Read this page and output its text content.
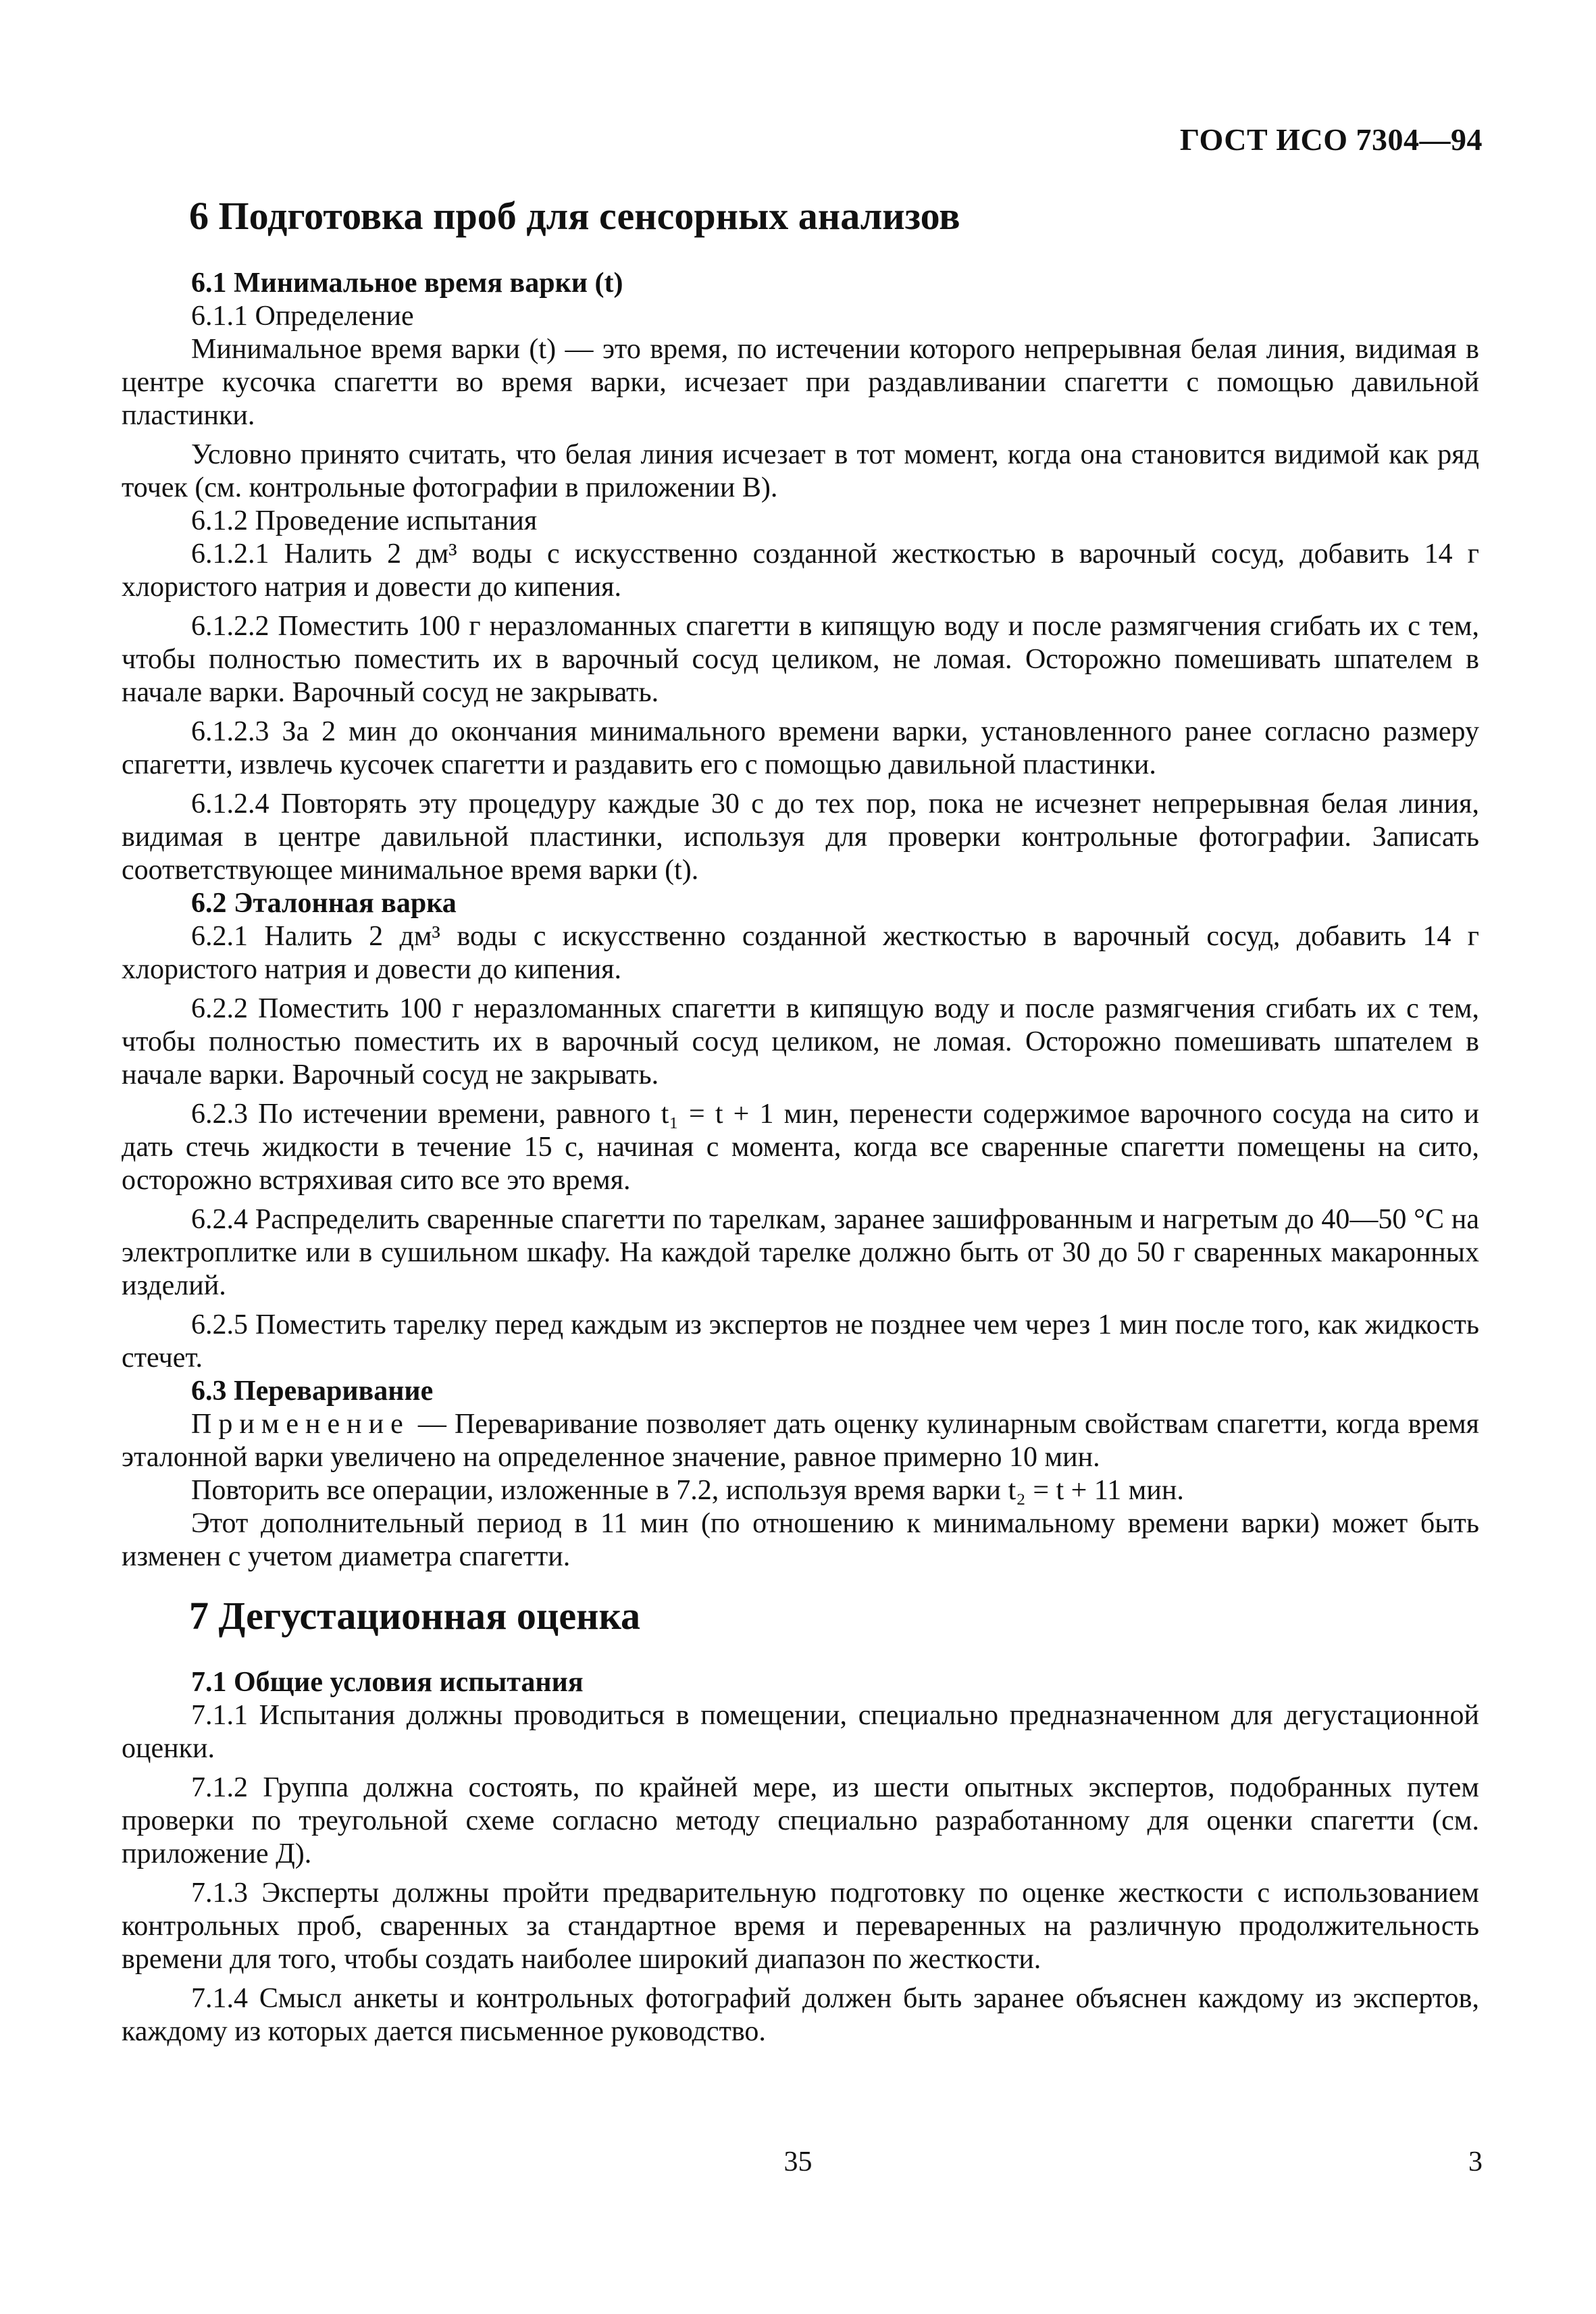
ГОСТ ИСО 7304—94
6 Подготовка проб для сенсорных анализов
6.1 Минимальное время варки (t)

6.1.1 Определение

Минимальное время варки (t) — это время, по истечении которого непрерывная белая линия, видимая в центре кусочка спагетти во время варки, исчезает при раздавливании спагетти с помощью давильной пластинки.

Условно принято считать, что белая линия исчезает в тот момент, когда она становится видимой как ряд точек (см. контрольные фотографии в приложении В).

6.1.2 Проведение испытания

6.1.2.1 Налить 2 дм³ воды с искусственно созданной жесткостью в варочный сосуд, добавить 14 г хлористого натрия и довести до кипения.

6.1.2.2 Поместить 100 г неразломанных спагетти в кипящую воду и после размягчения сгибать их с тем, чтобы полностью поместить их в варочный сосуд целиком, не ломая. Осторожно помешивать шпателем в начале варки. Варочный сосуд не закрывать.

6.1.2.3 За 2 мин до окончания минимального времени варки, установленного ранее согласно размеру спагетти, извлечь кусочек спагетти и раздавить его с помощью давильной пластинки.

6.1.2.4 Повторять эту процедуру каждые 30 с до тех пор, пока не исчезнет непрерывная белая линия, видимая в центре давильной пластинки, используя для проверки контрольные фотографии. Записать соответствующее минимальное время варки (t).

6.2 Эталонная варка

6.2.1 Налить 2 дм³ воды с искусственно созданной жесткостью в варочный сосуд, добавить 14 г хлористого натрия и довести до кипения.

6.2.2 Поместить 100 г неразломанных спагетти в кипящую воду и после размягчения сгибать их с тем, чтобы полностью поместить их в варочный сосуд целиком, не ломая. Осторожно помешивать шпателем в начале варки. Варочный сосуд не закрывать.

6.2.3 По истечении времени, равного t₁ = t + 1 мин, перенести содержимое варочного сосуда на сито и дать стечь жидкости в течение 15 с, начиная с момента, когда все сваренные спагетти помещены на сито, осторожно встряхивая сито все это время.

6.2.4 Распределить сваренные спагетти по тарелкам, заранее зашифрованным и нагретым до 40—50 °С на электроплитке или в сушильном шкафу. На каждой тарелке должно быть от 30 до 50 г сваренных макаронных изделий.

6.2.5 Поместить тарелку перед каждым из экспертов не позднее чем через 1 мин после того, как жидкость стечет.

6.3 Переваривание

Применение — Переваривание позволяет дать оценку кулинарным свойствам спагетти, когда время эталонной варки увеличено на определенное значение, равное примерно 10 мин.

Повторить все операции, изложенные в 7.2, используя время варки t₂ = t + 11 мин.

Этот дополнительный период в 11 мин (по отношению к минимальному времени варки) может быть изменен с учетом диаметра спагетти.

7 Дегустационная оценка
7.1 Общие условия испытания

7.1.1 Испытания должны проводиться в помещении, специально предназначенном для дегустационной оценки.

7.1.2 Группа должна состоять, по крайней мере, из шести опытных экспертов, подобранных путем проверки по треугольной схеме согласно методу специально разработанному для оценки спагетти (см. приложение Д).

7.1.3 Эксперты должны пройти предварительную подготовку по оценке жесткости с использованием контрольных проб, сваренных за стандартное время и переваренных на различную продолжительность времени для того, чтобы создать наиболее широкий диапазон по жесткости.

7.1.4 Смысл анкеты и контрольных фотографий должен быть заранее объяснен каждому из экспертов, каждому из которых дается письменное руководство.

35	3
